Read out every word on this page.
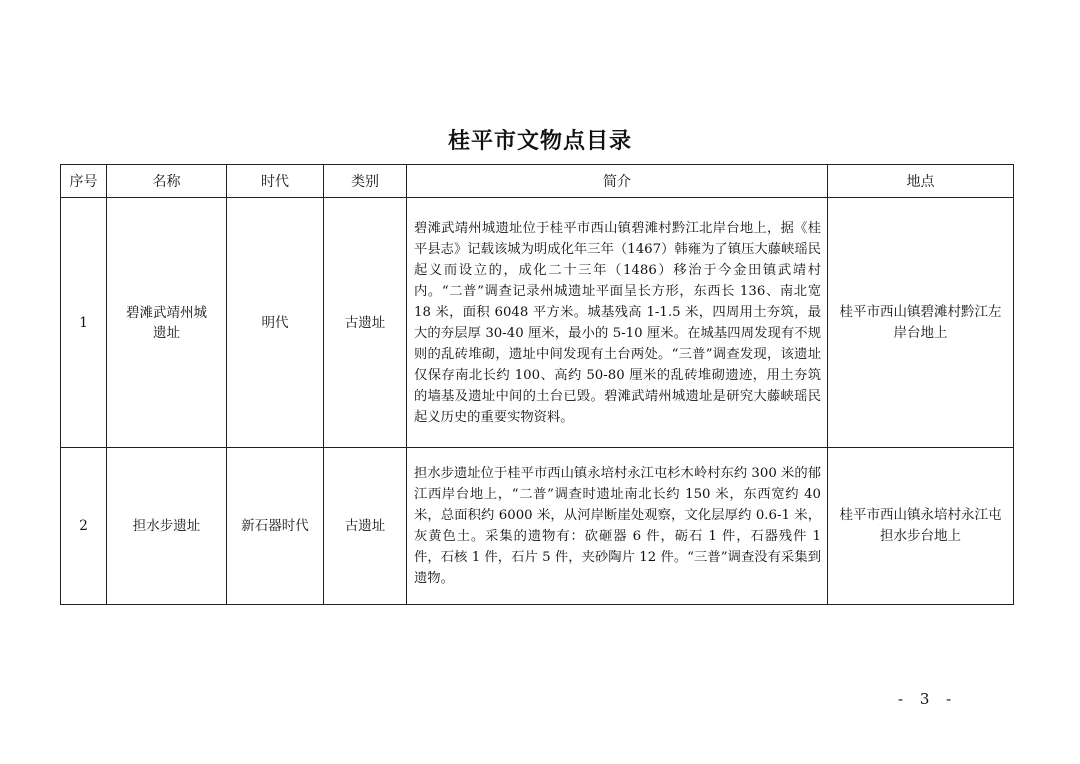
桂平市文物点目录
序号	名称	时代	类别	简介	地点
1	碧滩武靖州城遗址	明代	古遗址	碧滩武靖州城遗址位于桂平市西山镇碧滩村黔江北岸台地上，据《桂平县志》记载该城为明成化年三年（1467）韩雍为了镇压大藤峡瑶民起义而设立的，成化二十三年（1486）移治于今金田镇武靖村内。“二普”调查记录州城遗址平面呈长方形，东西长 136、南北宽 18 米，面积 6048 平方米。城基残高 1-1.5 米，四周用土夯筑，最大的夯层厚 30-40 厘米，最小的 5-10 厘米。在城基四周发现有不规则的乱砖堆砌，遗址中间发现有土台两处。“三普”调查发现，该遗址仅保存南北长约 100、高约 50-80 厘米的乱砖堆砌遗迹，用土夯筑的墙基及遗址中间的土台已毁。碧滩武靖州城遗址是研究大藤峡瑶民起义历史的重要实物资料。	桂平市西山镇碧滩村黔江左岸台地上
2	担水步遗址	新石器时代	古遗址	担水步遗址位于桂平市西山镇永培村永江屯杉木岭村东约 300 米的郁江西岸台地上，“二普”调查时遗址南北长约 150 米，东西宽约 40 米，总面积约 6000 米，从河岸断崖处观察，文化层厚约 0.6-1 米，灰黄色土。采集的遗物有：砍砸器 6 件，砺石 1 件，石器残件 1 件，石核 1 件，石片 5 件，夹砂陶片 12 件。“三普”调查没有采集到遗物。	桂平市西山镇永培村永江屯担水步台地上
- 3 -
